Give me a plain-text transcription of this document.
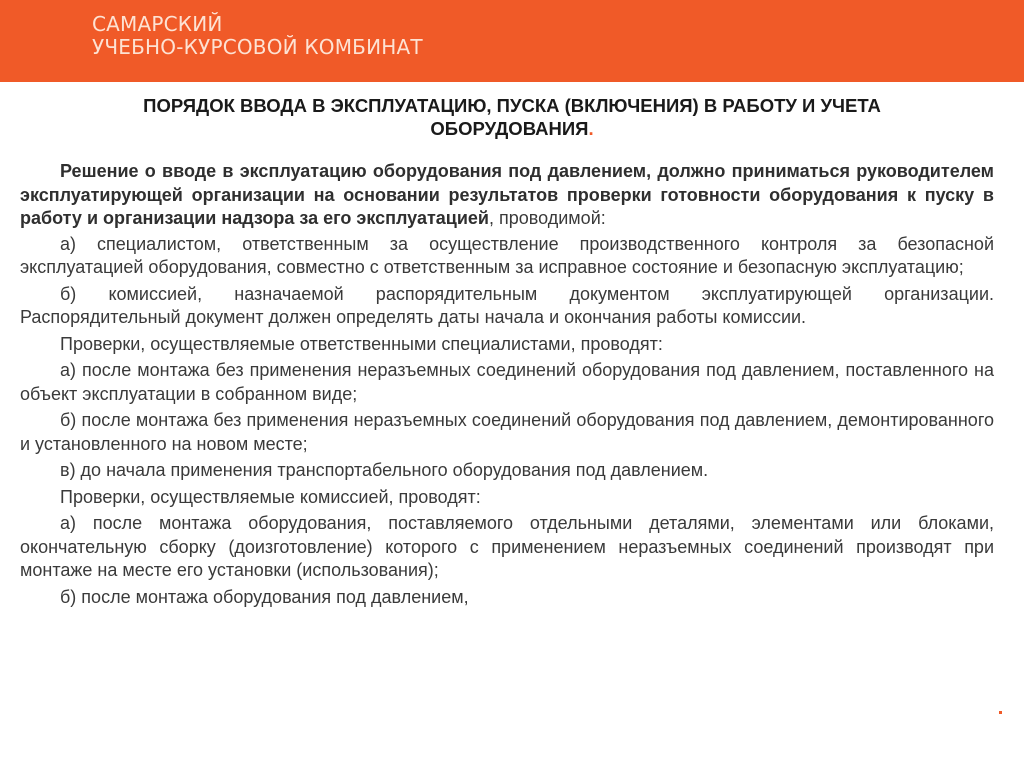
САМАРСКИЙ
УЧЕБНО-КУРСОВОЙ КОМБИНАТ
ПОРЯДОК ВВОДА В ЭКСПЛУАТАЦИЮ, ПУСКА (ВКЛЮЧЕНИЯ) В РАБОТУ И УЧЕТА
ОБОРУДОВАНИЯ.

Решение о вводе в эксплуатацию оборудования под давлением, должно приниматься руководителем эксплуатирующей организации на основании результатов проверки готовности оборудования к пуску в работу и организации надзора за его эксплуатацией, проводимой:

а) специалистом, ответственным за осуществление производственного контроля за безопасной эксплуатацией оборудования, совместно с ответственным за исправное состояние и безопасную эксплуатацию;

б) комиссией, назначаемой распорядительным документом эксплуатирующей организации. Распорядительный документ должен определять даты начала и окончания работы комиссии.

Проверки, осуществляемые ответственными специалистами, проводят:

а) после монтажа без применения неразъемных соединений оборудования под давлением, поставленного на объект эксплуатации в собранном виде;

б) после монтажа без применения неразъемных соединений оборудования под давлением, демонтированного и установленного на новом месте;

в) до начала применения транспортабельного оборудования под давлением.

Проверки, осуществляемые комиссией, проводят:

а) после монтажа оборудования, поставляемого отдельными деталями, элементами или блоками, окончательную сборку (доизготовление) которого с применением неразъемных соединений производят при монтаже на месте его установки (использования);

б) после монтажа оборудования под давлением,
